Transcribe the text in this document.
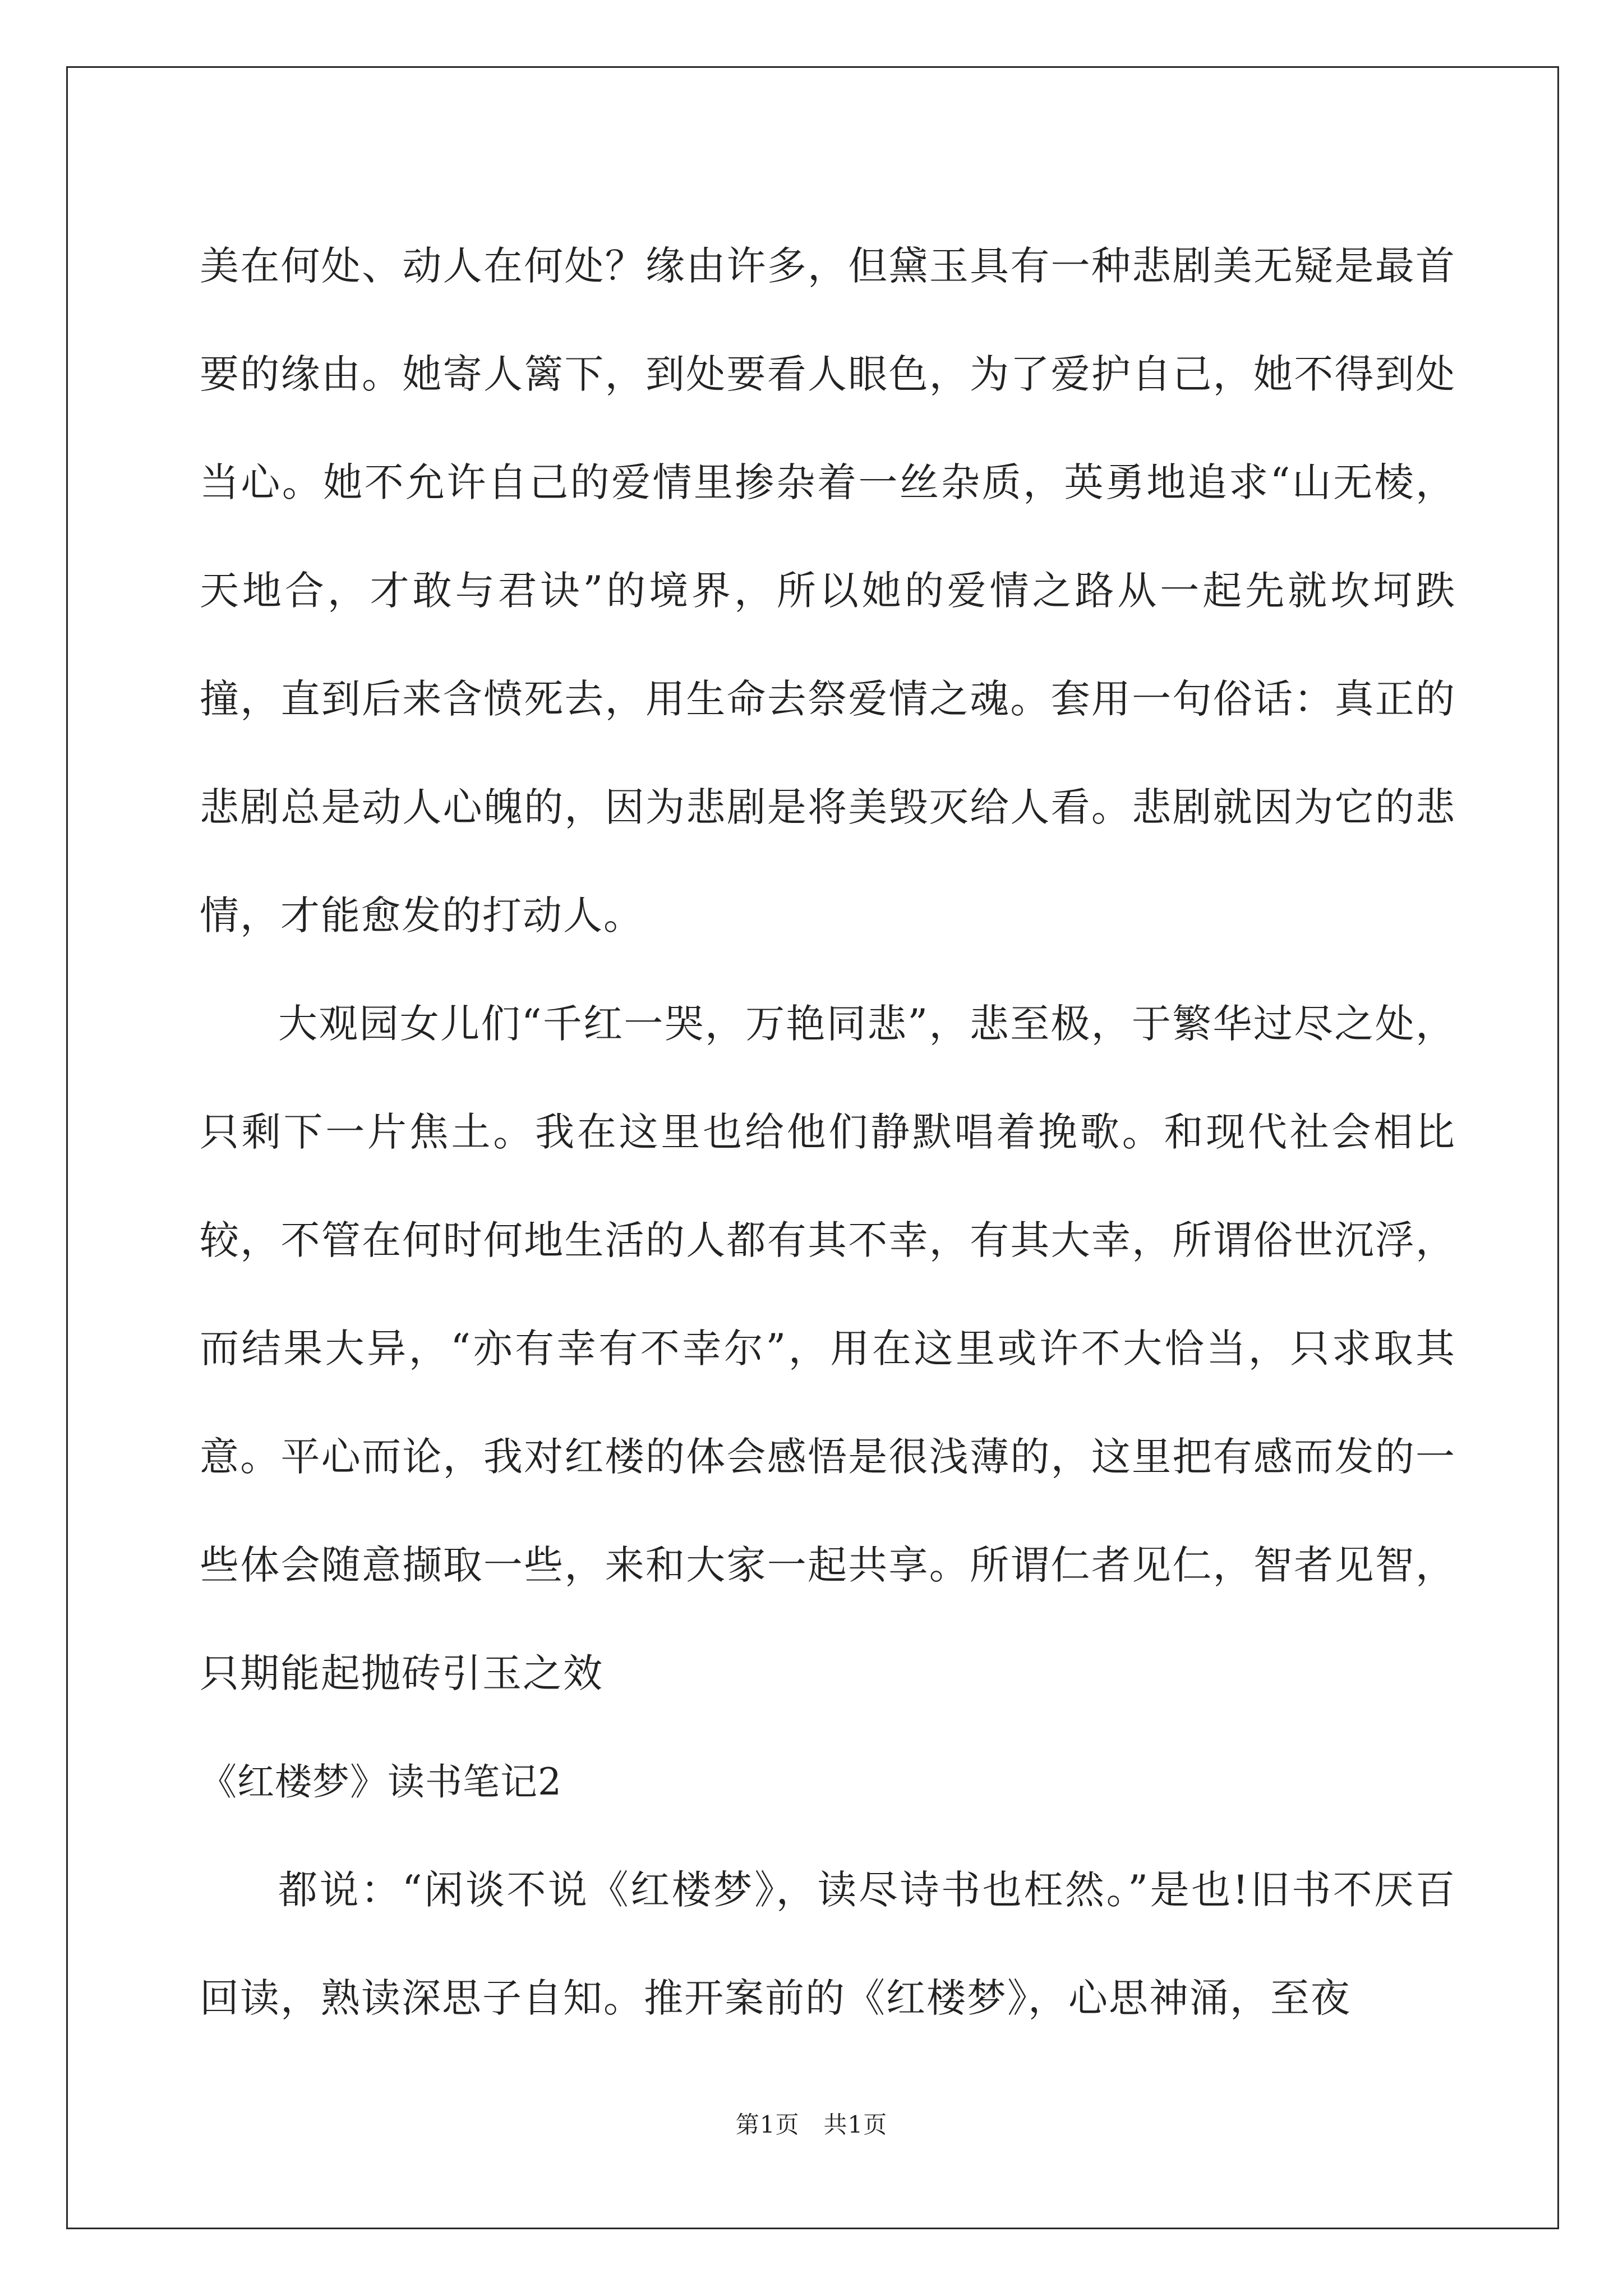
美在何处、动人在何处？缘由许多，但黛玉具有一种悲剧美无疑是最首要的缘由。她寄人篱下，到处要看人眼色，为了爱护自己，她不得到处当心。她不允许自己的爱情里掺杂着一丝杂质，英勇地追求“山无棱，天地合，才敢与君诀”的境界，所以她的爱情之路从一起先就坎坷跌撞，直到后来含愤死去，用生命去祭爱情之魂。套用一句俗话：真正的悲剧总是动人心魄的，因为悲剧是将美毁灭给人看。悲剧就因为它的悲情，才能愈发的打动人。

大观园女儿们“千红一哭，万艳同悲”，悲至极，于繁华过尽之处，只剩下一片焦土。我在这里也给他们静默唱着挽歌。和现代社会相比较，不管在何时何地生活的人都有其不幸，有其大幸，所谓俗世沉浮，而结果大异，“亦有幸有不幸尔”，用在这里或许不大恰当，只求取其意。平心而论，我对红楼的体会感悟是很浅薄的，这里把有感而发的一些体会随意撷取一些，来和大家一起共享。所谓仁者见仁，智者见智，只期能起抛砖引玉之效

《红楼梦》读书笔记2

都说：“闲谈不说《红楼梦》，读尽诗书也枉然。”是也!旧书不厌百回读，熟读深思子自知。推开案前的《红楼梦》，心思神涌，至夜

第1页　共1页
